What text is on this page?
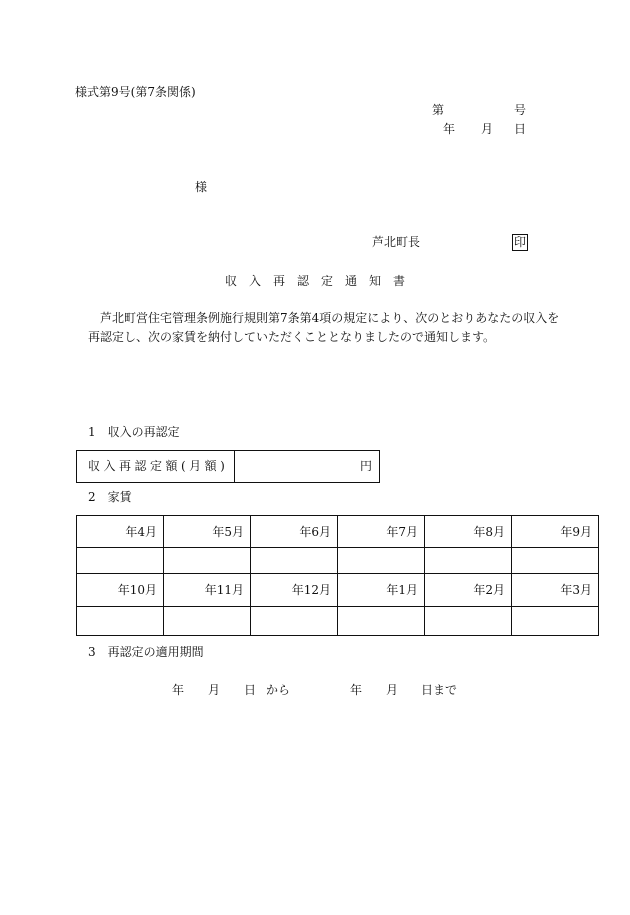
様式第9号(第7条関係)
第	号
年 月 日
様
芦北町長	印
収入再認定通知書
芦北町営住宅管理条例施行規則第7条第4項の規定により、次のとおりあなたの収入を
再認定し、次の家賃を納付していただくこととなりましたので通知します。
1　収入の再認定
収入再認定額(月額)	円
2　家賃
年4月	年5月	年6月	年7月	年8月	年9月

年10月	年11月	年12月	年1月	年2月	年3月

3　再認定の適用期間
年 月 日 から	年 月 日まで
